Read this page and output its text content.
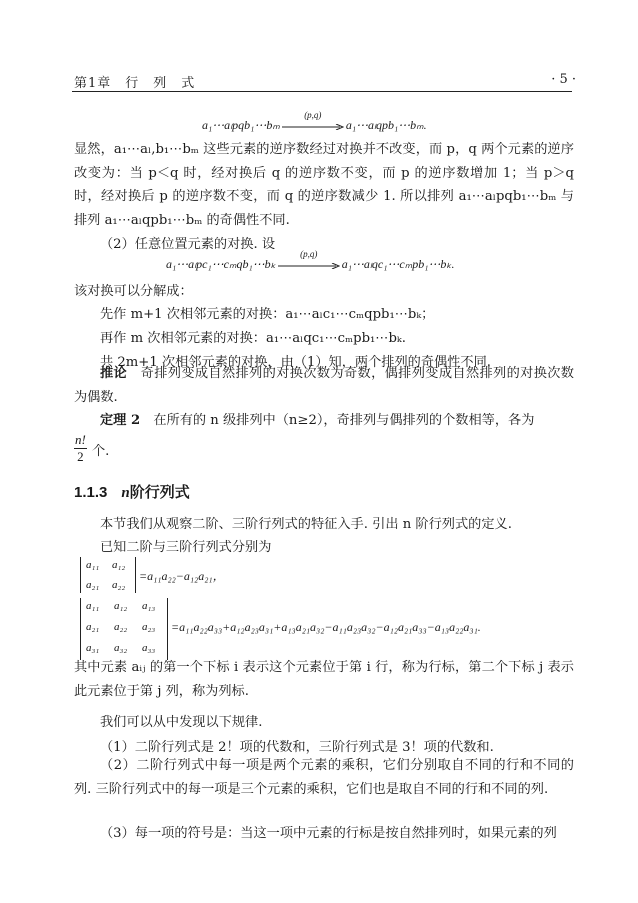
第1章　行　列　式	· 5 ·
a₁⋯aₗpqb₁⋯bₘ
(p,q)
a₁⋯aₗqpb₁⋯bₘ.
显然，a₁⋯aₗ,b₁⋯bₘ 这些元素的逆序数经过对换并不改变，而 p，q 两个元素的逆序改变为：当 p＜q 时，经对换后 q 的逆序数不变，而 p 的逆序数增加 1；当 p＞q 时，经对换后 p 的逆序数不变，而 q 的逆序数减少 1. 所以排列 a₁⋯aₗpqb₁⋯bₘ 与排列 a₁⋯aₗqpb₁⋯bₘ 的奇偶性不同.
（2）任意位置元素的对换. 设
a₁⋯aₗpc₁⋯cₘqb₁⋯bₖ
(p,q)
a₁⋯aₗqc₁⋯cₘpb₁⋯bₖ.
该对换可以分解成：
先作 m+1 次相邻元素的对换：a₁⋯aₗc₁⋯cₘqpb₁⋯bₖ；
再作 m 次相邻元素的对换：a₁⋯aₗqc₁⋯cₘpb₁⋯bₖ.
共 2m+1 次相邻元素的对换，由（1）知，两个排列的奇偶性不同.
推论　奇排列变成自然排列的对换次数为奇数，偶排列变成自然排列的对换次数为偶数.
定理 2　在所有的 n 级排列中（n≥2），奇排列与偶排列的个数相等，各为
$\frac{n!}{2}$ 个.
1.1.3 n阶行列式
本节我们从观察二阶、三阶行列式的特征入手. 引出 n 阶行列式的定义.
已知二阶与三阶行列式分别为
a₁₁ a₁₂
a₂₁ a₂₂
=a₁₁a₂₂−a₁₂a₂₁，
a₁₁ a₁₂ a₁₃
a₂₁ a₂₂ a₂₃
a₃₁ a₃₂ a₃₃
=a₁₁a₂₂a₃₃+a₁₂a₂₃a₃₁+a₁₃a₂₁a₃₂−a₁₁a₂₃a₃₂−a₁₂a₂₁a₃₃−a₁₃a₂₂a₃₁.
其中元素 aᵢⱼ 的第一个下标 i 表示这个元素位于第 i 行，称为行标，第二个下标 j 表示此元素位于第 j 列，称为列标.
我们可以从中发现以下规律.
（1）二阶行列式是 2！项的代数和，三阶行列式是 3！项的代数和.
（2）二阶行列式中每一项是两个元素的乘积，它们分别取自不同的行和不同的列. 三阶行列式中的每一项是三个元素的乘积，它们也是取自不同的行和不同的列.
（3）每一项的符号是：当这一项中元素的行标是按自然排列时，如果元素的列
